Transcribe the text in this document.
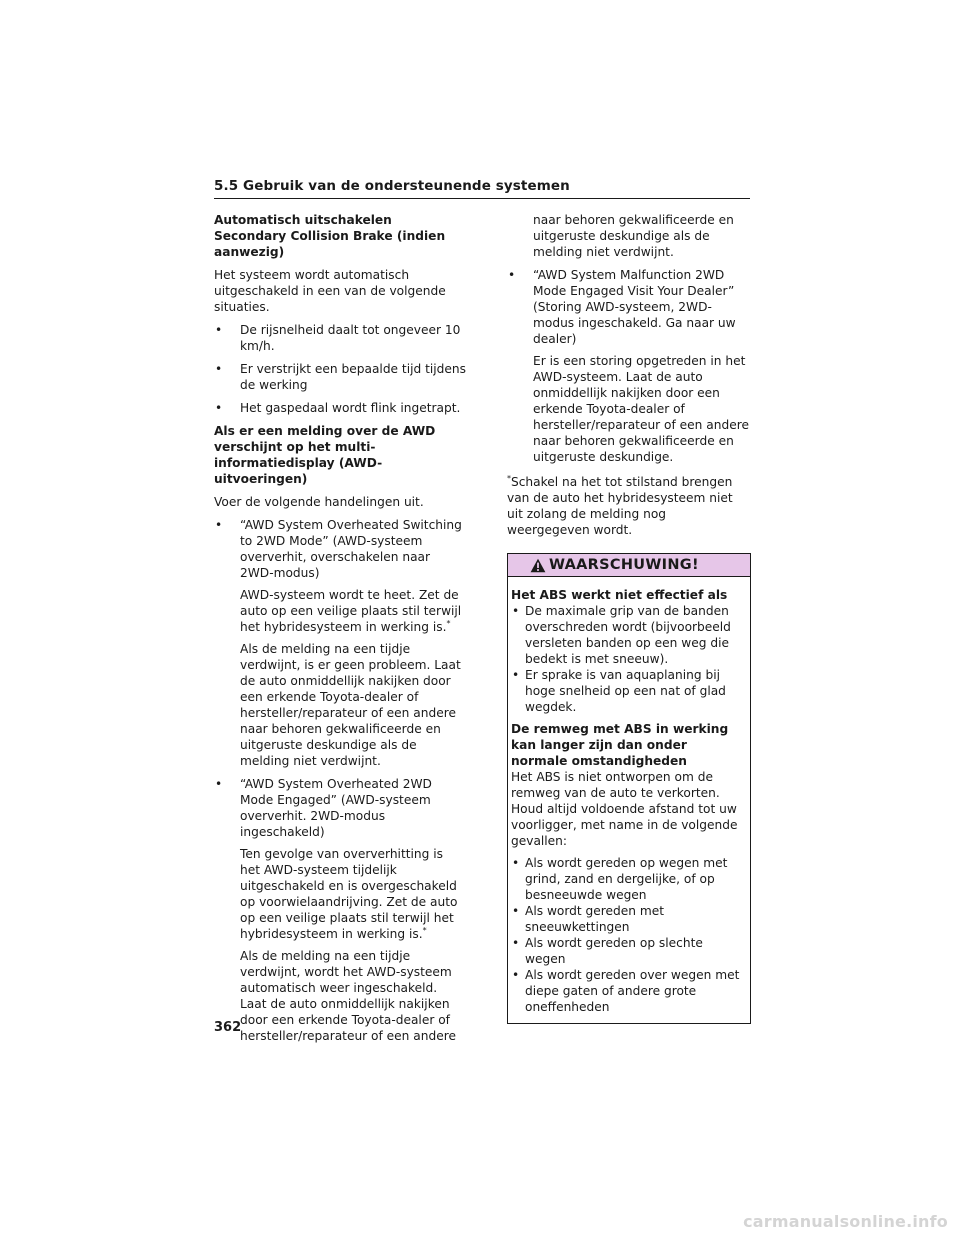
5.5 Gebruik van de ondersteunende systemen
Automatisch uitschakelen Secondary Collision Brake (indien aanwezig)

Het systeem wordt automatisch uitgeschakeld in een van de volgende situaties.

• De rijsnelheid daalt tot ongeveer 10 km/h.
• Er verstrijkt een bepaalde tijd tijdens de werking
• Het gaspedaal wordt flink ingetrapt.
Als er een melding over de AWD verschijnt op het multi-informatiedisplay (AWD-uitvoeringen)

Voer de volgende handelingen uit.

• “AWD System Overheated Switching to 2WD Mode” (AWD-systeem oververhit, overschakelen naar 2WD-modus)
AWD-systeem wordt te heet. Zet de auto op een veilige plaats stil terwijl het hybridesysteem in werking is.*
Als de melding na een tijdje verdwijnt, is er geen probleem. Laat de auto onmiddellijk nakijken door een erkende Toyota-dealer of hersteller/reparateur of een andere naar behoren gekwalificeerde en uitgeruste deskundige als de melding niet verdwijnt.
• “AWD System Overheated 2WD Mode Engaged” (AWD-systeem oververhit. 2WD-modus ingeschakeld)
Ten gevolge van oververhitting is het AWD-systeem tijdelijk uitgeschakeld en is overgeschakeld op voorwielaandrijving. Zet de auto op een veilige plaats stil terwijl het hybridesysteem in werking is.*
Als de melding na een tijdje verdwijnt, wordt het AWD-systeem automatisch weer ingeschakeld. Laat de auto onmiddellijk nakijken door een erkende Toyota-dealer of hersteller/reparateur of een andere
naar behoren gekwalificeerde en uitgeruste deskundige als de melding niet verdwijnt.
• “AWD System Malfunction 2WD Mode Engaged Visit Your Dealer” (Storing AWD-systeem, 2WD-modus ingeschakeld. Ga naar uw dealer)
Er is een storing opgetreden in het AWD-systeem. Laat de auto onmiddellijk nakijken door een erkende Toyota-dealer of hersteller/reparateur of een andere naar behoren gekwalificeerde en uitgeruste deskundige.
*Schakel na het tot stilstand brengen van de auto het hybridesysteem niet uit zolang de melding nog weergegeven wordt.
WAARSCHUWING!
Het ABS werkt niet effectief als
• De maximale grip van de banden overschreden wordt (bijvoorbeeld versleten banden op een weg die bedekt is met sneeuw).
• Er sprake is van aquaplaning bij hoge snelheid op een nat of glad wegdek.
De remweg met ABS in werking kan langer zijn dan onder normale omstandigheden

Het ABS is niet ontworpen om de remweg van de auto te verkorten. Houd altijd voldoende afstand tot uw voorligger, met name in de volgende gevallen:

• Als wordt gereden op wegen met grind, zand en dergelijke, of op besneeuwde wegen
• Als wordt gereden met sneeuwkettingen
• Als wordt gereden op slechte wegen
• Als wordt gereden over wegen met diepe gaten of andere grote oneffenheden
362
carmanualsonline.info
